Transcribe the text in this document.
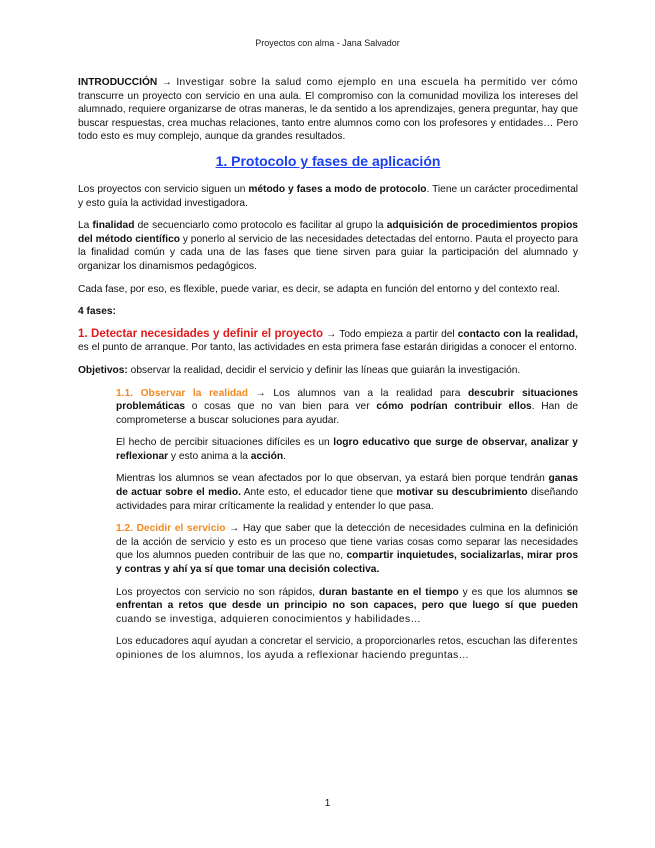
Proyectos con alma - Jana Salvador

INTRODUCCIÓN → Investigar sobre la salud como ejemplo en una escuela ha permitido ver cómo transcurre un proyecto con servicio en una aula. El compromiso con la comunidad moviliza los intereses del alumnado, requiere organizarse de otras maneras, le da sentido a los aprendizajes, genera preguntar, hay que buscar respuestas, crea muchas relaciones, tanto entre alumnos como con los profesores y entidades… Pero todo esto es muy complejo, aunque da grandes resultados.

1. Protocolo y fases de aplicación

Los proyectos con servicio siguen un método y fases a modo de protocolo. Tiene un carácter procedimental y esto guía la actividad investigadora.

La finalidad de secuenciarlo como protocolo es facilitar al grupo la adquisición de procedimientos propios del método científico y ponerlo al servicio de las necesidades detectadas del entorno. Pauta el proyecto para la finalidad común y cada una de las fases que tiene sirven para guiar la participación del alumnado y organizar los dinamismos pedagógicos.

Cada fase, por eso, es flexible, puede variar, es decir, se adapta en función del entorno y del contexto real.

4 fases:

1. Detectar necesidades y definir el proyecto → Todo empieza a partir del contacto con la realidad, es el punto de arranque. Por tanto, las actividades en esta primera fase estarán dirigidas a conocer el entorno.

Objetivos: observar la realidad, decidir el servicio y definir las líneas que guiarán la investigación.

1.1. Observar la realidad → Los alumnos van a la realidad para descubrir situaciones problemáticas o cosas que no van bien para ver cómo podrían contribuir ellos. Han de comprometerse a buscar soluciones para ayudar.

El hecho de percibir situaciones difíciles es un logro educativo que surge de observar, analizar y reflexionar y esto anima a la acción.

Mientras los alumnos se vean afectados por lo que observan, ya estará bien porque tendrán ganas de actuar sobre el medio. Ante esto, el educador tiene que motivar su descubrimiento diseñando actividades para mirar críticamente la realidad y entender lo que pasa.

1.2. Decidir el servicio → Hay que saber que la detección de necesidades culmina en la definición de la acción de servicio y esto es un proceso que tiene varias cosas como separar las necesidades que los alumnos pueden contribuir de las que no, compartir inquietudes, socializarlas, mirar pros y contras y ahí ya sí que tomar una decisión colectiva.

Los proyectos con servicio no son rápidos, duran bastante en el tiempo y es que los alumnos se enfrentan a retos que desde un principio no son capaces, pero que luego sí que pueden cuando se investiga, adquieren conocimientos y habilidades…

Los educadores aquí ayudan a concretar el servicio, a proporcionarles retos, escuchan las diferentes opiniones de los alumnos, los ayuda a reflexionar haciendo preguntas…

1
